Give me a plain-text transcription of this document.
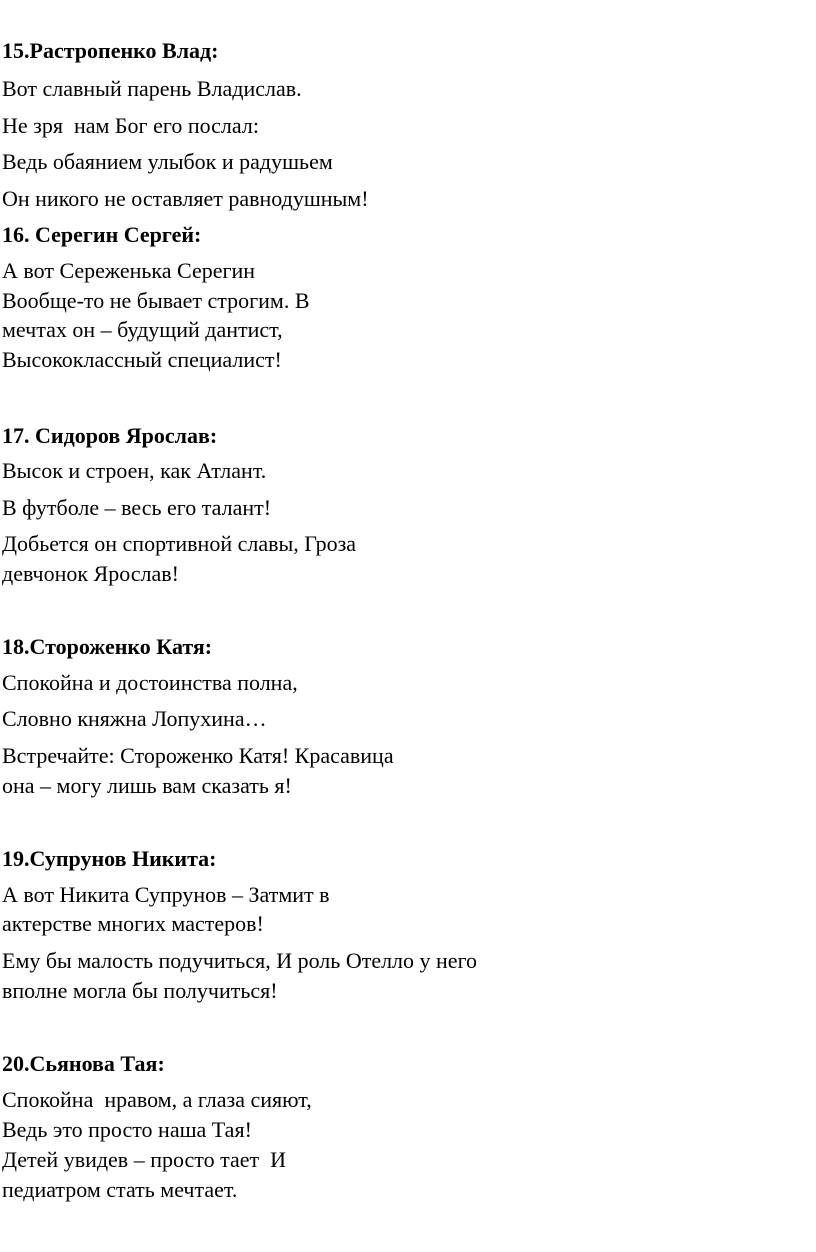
15.Растропенко Влад:

Вот славный парень Владислав.

Не зря  нам Бог его послал:

Ведь обаянием улыбок и радушьем

Он никого не оставляет равнодушным!

16. Серегин Сергей:

А вот Сереженька Серегин

Вообще-то не бывает строгим. В

мечтах он – будущий дантист,

Высококлассный специалист!

17. Сидоров Ярослав:

Высок и строен, как Атлант.

В футболе – весь его талант!

Добьется он спортивной славы, Гроза

девчонок Ярослав!

18.Стороженко Катя:

Спокойна и достоинства полна,

Словно княжна Лопухина…

Встречайте: Стороженко Катя! Красавица

она – могу лишь вам сказать я!

19.Супрунов Никита:

А вот Никита Супрунов – Затмит в

актерстве многих мастеров!

Ему бы малость подучиться, И роль Отелло у него

вполне могла бы получиться!

20.Сьянова Тая:

Спокойна  нравом, а глаза сияют,

Ведь это просто наша Тая!

Детей увидев – просто тает  И

педиатром стать мечтает.
